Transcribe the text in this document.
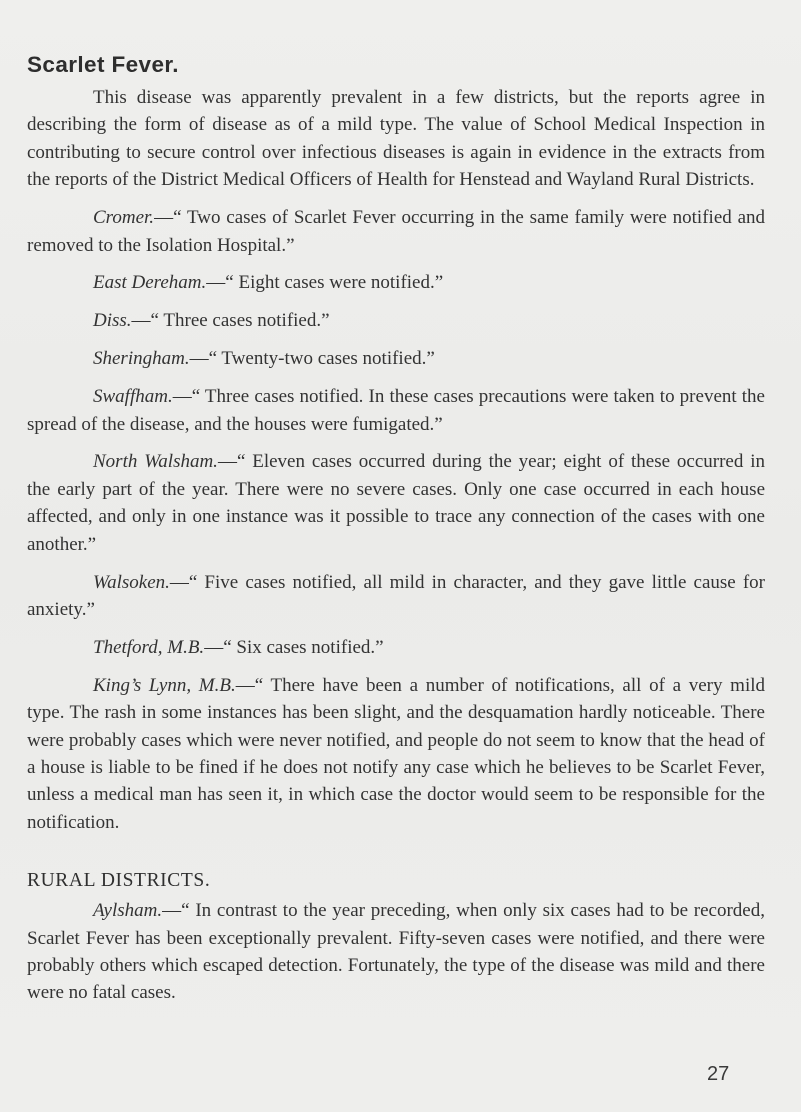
Scarlet Fever.

This disease was apparently prevalent in a few districts, but the reports agree in describing the form of disease as of a mild type. The value of School Medical Inspection in contributing to secure control over infectious diseases is again in evidence in the extracts from the reports of the District Medical Officers of Health for Henstead and Wayland Rural Districts.

Cromer.—“ Two cases of Scarlet Fever occurring in the same family were notified and removed to the Isolation Hospital.”

East Dereham.—“ Eight cases were notified.”

Diss.—“ Three cases notified.”

Sheringham.—“ Twenty-two cases notified.”

Swaffham.—“ Three cases notified. In these cases precautions were taken to prevent the spread of the disease, and the houses were fumigated.”

North Walsham.—“ Eleven cases occurred during the year; eight of these occurred in the early part of the year. There were no severe cases. Only one case occurred in each house affected, and only in one instance was it possible to trace any connection of the cases with one another.”

Walsoken.—“ Five cases notified, all mild in character, and they gave little cause for anxiety.”

Thetford, M.B.—“ Six cases notified.”

King’s Lynn, M.B.—“ There have been a number of notifications, all of a very mild type. The rash in some instances has been slight, and the desquamation hardly noticeable. There were probably cases which were never notified, and people do not seem to know that the head of a house is liable to be fined if he does not notify any case which he believes to be Scarlet Fever, unless a medical man has seen it, in which case the doctor would seem to be responsible for the notification.

RURAL DISTRICTS.

Aylsham.—“ In contrast to the year preceding, when only six cases had to be recorded, Scarlet Fever has been exceptionally prevalent. Fifty-seven cases were notified, and there were probably others which escaped detection. Fortunately, the type of the disease was mild and there were no fatal cases.

27
